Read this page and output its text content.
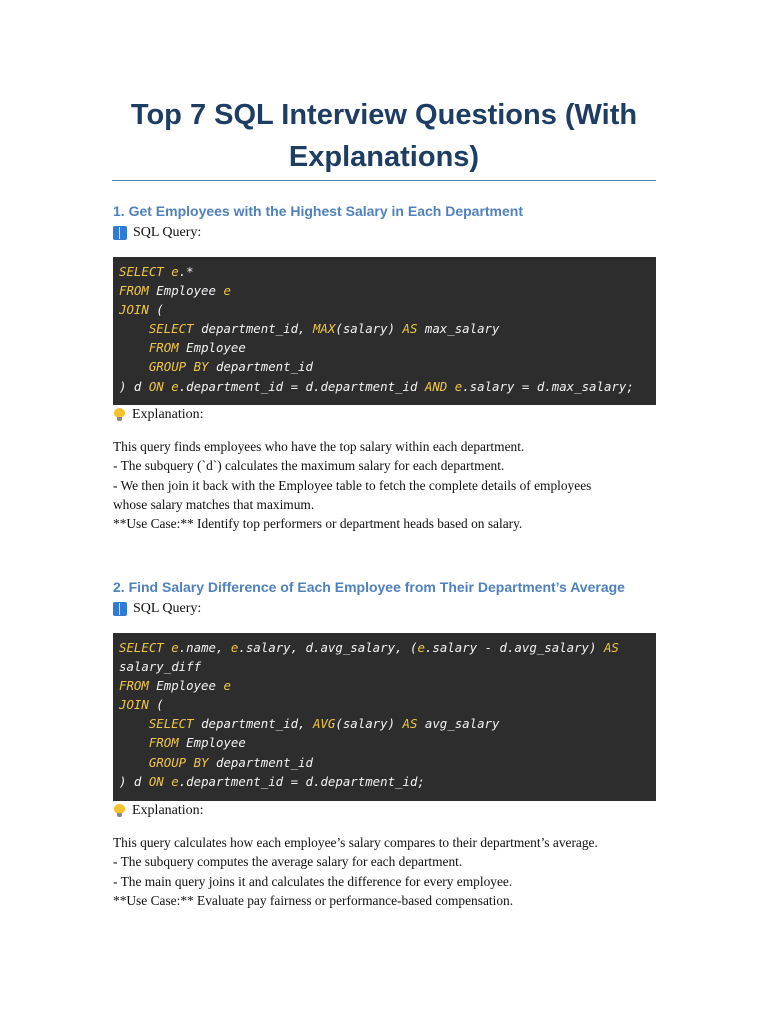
Top 7 SQL Interview Questions (With
Explanations)
1. Get Employees with the Highest Salary in Each Department
SQL Query:
SELECT e.*
FROM Employee e
JOIN (
SELECT department_id, MAX(salary) AS max_salary
FROM Employee
GROUP BY department_id
) d ON e.department_id = d.department_id AND e.salary = d.max_salary;
Explanation:
This query finds employees who have the top salary within each department.
- The subquery (`d`) calculates the maximum salary for each department.
- We then join it back with the Employee table to fetch the complete details of employees
whose salary matches that maximum.
**Use Case:** Identify top performers or department heads based on salary.
2. Find Salary Difference of Each Employee from Their Department’s Average
SQL Query:
SELECT e.name, e.salary, d.avg_salary, (e.salary - d.avg_salary) AS
salary_diff
FROM Employee e
JOIN (
SELECT department_id, AVG(salary) AS avg_salary
FROM Employee
GROUP BY department_id
) d ON e.department_id = d.department_id;
Explanation:
This query calculates how each employee’s salary compares to their department’s average.
- The subquery computes the average salary for each department.
- The main query joins it and calculates the difference for every employee.
**Use Case:** Evaluate pay fairness or performance-based compensation.
